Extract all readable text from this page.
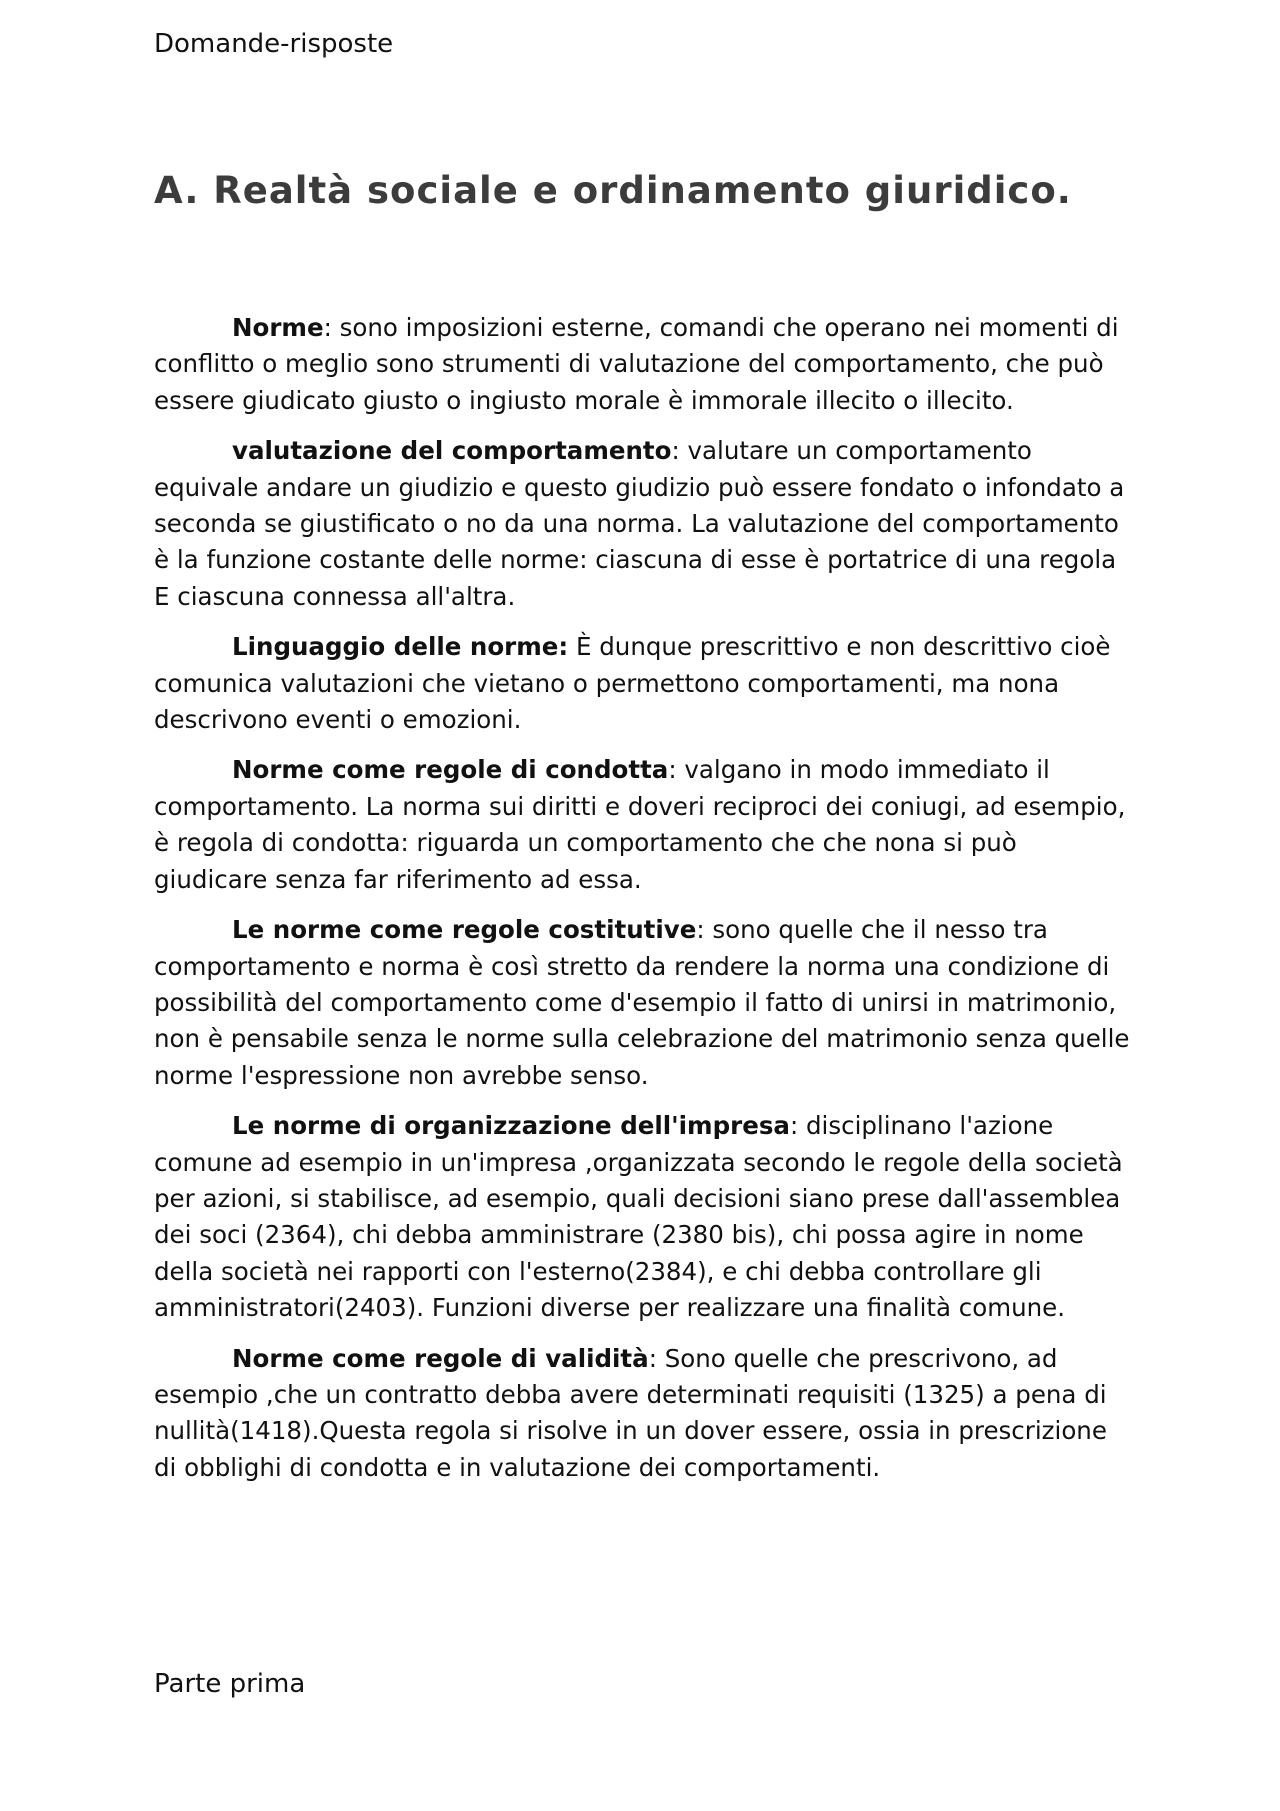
Domande-risposte
A. Realtà sociale e ordinamento giuridico.

Norme: sono imposizioni esterne, comandi che operano nei momenti di conflitto o meglio sono strumenti di valutazione del comportamento, che può essere giudicato giusto o ingiusto morale è immorale illecito o illecito.

valutazione del comportamento: valutare un comportamento equivale andare un giudizio e questo giudizio può essere fondato o infondato a seconda se giustificato o no da una norma. La valutazione del comportamento è la funzione costante delle norme: ciascuna di esse è portatrice di una regola E ciascuna connessa all'altra.

Linguaggio delle norme: È dunque prescrittivo e non descrittivo cioè comunica valutazioni che vietano o permettono comportamenti, ma nona descrivono eventi o emozioni.

Norme come regole di condotta: valgano in modo immediato il comportamento. La norma sui diritti e doveri reciproci dei coniugi, ad esempio, è regola di condotta: riguarda un comportamento che che nona si può giudicare senza far riferimento ad essa.

Le norme come regole costitutive: sono quelle che il nesso tra comportamento e norma è così stretto da rendere la norma una condizione di possibilità del comportamento come d'esempio il fatto di unirsi in matrimonio, non è pensabile senza le norme sulla celebrazione del matrimonio senza quelle norme l'espressione non avrebbe senso.

Le norme di organizzazione dell'impresa: disciplinano l'azione comune ad esempio in un'impresa ,organizzata secondo le regole della società per azioni, si stabilisce, ad esempio, quali decisioni siano prese dall'assemblea dei soci (2364), chi debba amministrare (2380 bis), chi possa agire in nome della società nei rapporti con l'esterno(2384), e chi debba controllare gli amministratori(2403). Funzioni diverse per realizzare una finalità comune.

Norme come regole di validità: Sono quelle che prescrivono, ad esempio ,che un contratto debba avere determinati requisiti (1325) a pena di nullità(1418).Questa regola si risolve in un dover essere, ossia in prescrizione di obblighi di condotta e in valutazione dei comportamenti.

Parte prima
